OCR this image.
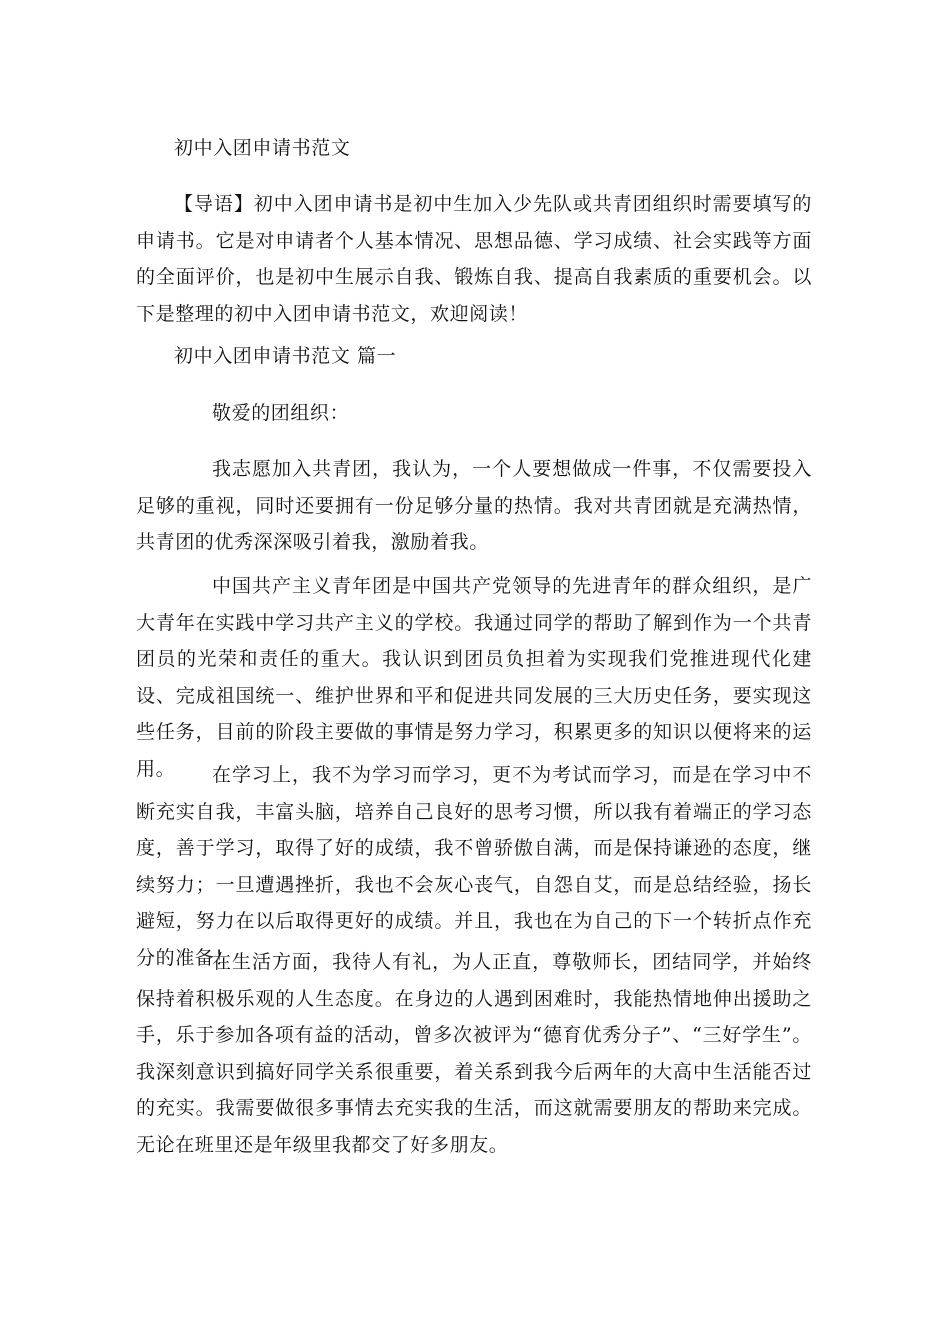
初中入团申请书范文

【导语】初中入团申请书是初中生加入少先队或共青团组织时需要填写的申请书。它是对申请者个人基本情况、思想品德、学习成绩、社会实践等方面的全面评价，也是初中生展示自我、锻炼自我、提高自我素质的重要机会。以下是整理的初中入团申请书范文，欢迎阅读！

初中入团申请书范文 篇一

敬爱的团组织：

我志愿加入共青团，我认为，一个人要想做成一件事，不仅需要投入足够的重视，同时还要拥有一份足够分量的热情。我对共青团就是充满热情，共青团的优秀深深吸引着我，激励着我。

中国共产主义青年团是中国共产党领导的先进青年的群众组织，是广大青年在实践中学习共产主义的学校。我通过同学的帮助了解到作为一个共青团员的光荣和责任的重大。我认识到团员负担着为实现我们党推进现代化建设、完成祖国统一、维护世界和平和促进共同发展的三大历史任务，要实现这些任务，目前的阶段主要做的事情是努力学习，积累更多的知识以便将来的运用。	在学习上，我不为学习而学习，更不为考试而学习，而是在学习中不断充实自我，丰富头脑，培养自己良好的思考习惯，所以我有着端正的学习态度，善于学习，取得了好的成绩，我不曾骄傲自满，而是保持谦逊的态度，继续努力；一旦遭遇挫折，我也不会灰心丧气，自怨自艾，而是总结经验，扬长避短，努力在以后取得更好的成绩。并且，我也在为自己的下一个转折点作充分的准备！

在生活方面，我待人有礼，为人正直，尊敬师长，团结同学，并始终保持着积极乐观的人生态度。在身边的人遇到困难时，我能热情地伸出援助之手，乐于参加各项有益的活动，曾多次被评为“德育优秀分子”、“三好学生”。我深刻意识到搞好同学关系很重要，着关系到我今后两年的大高中生活能否过的充实。我需要做很多事情去充实我的生活，而这就需要朋友的帮助来完成。无论在班里还是年级里我都交了好多朋友。
